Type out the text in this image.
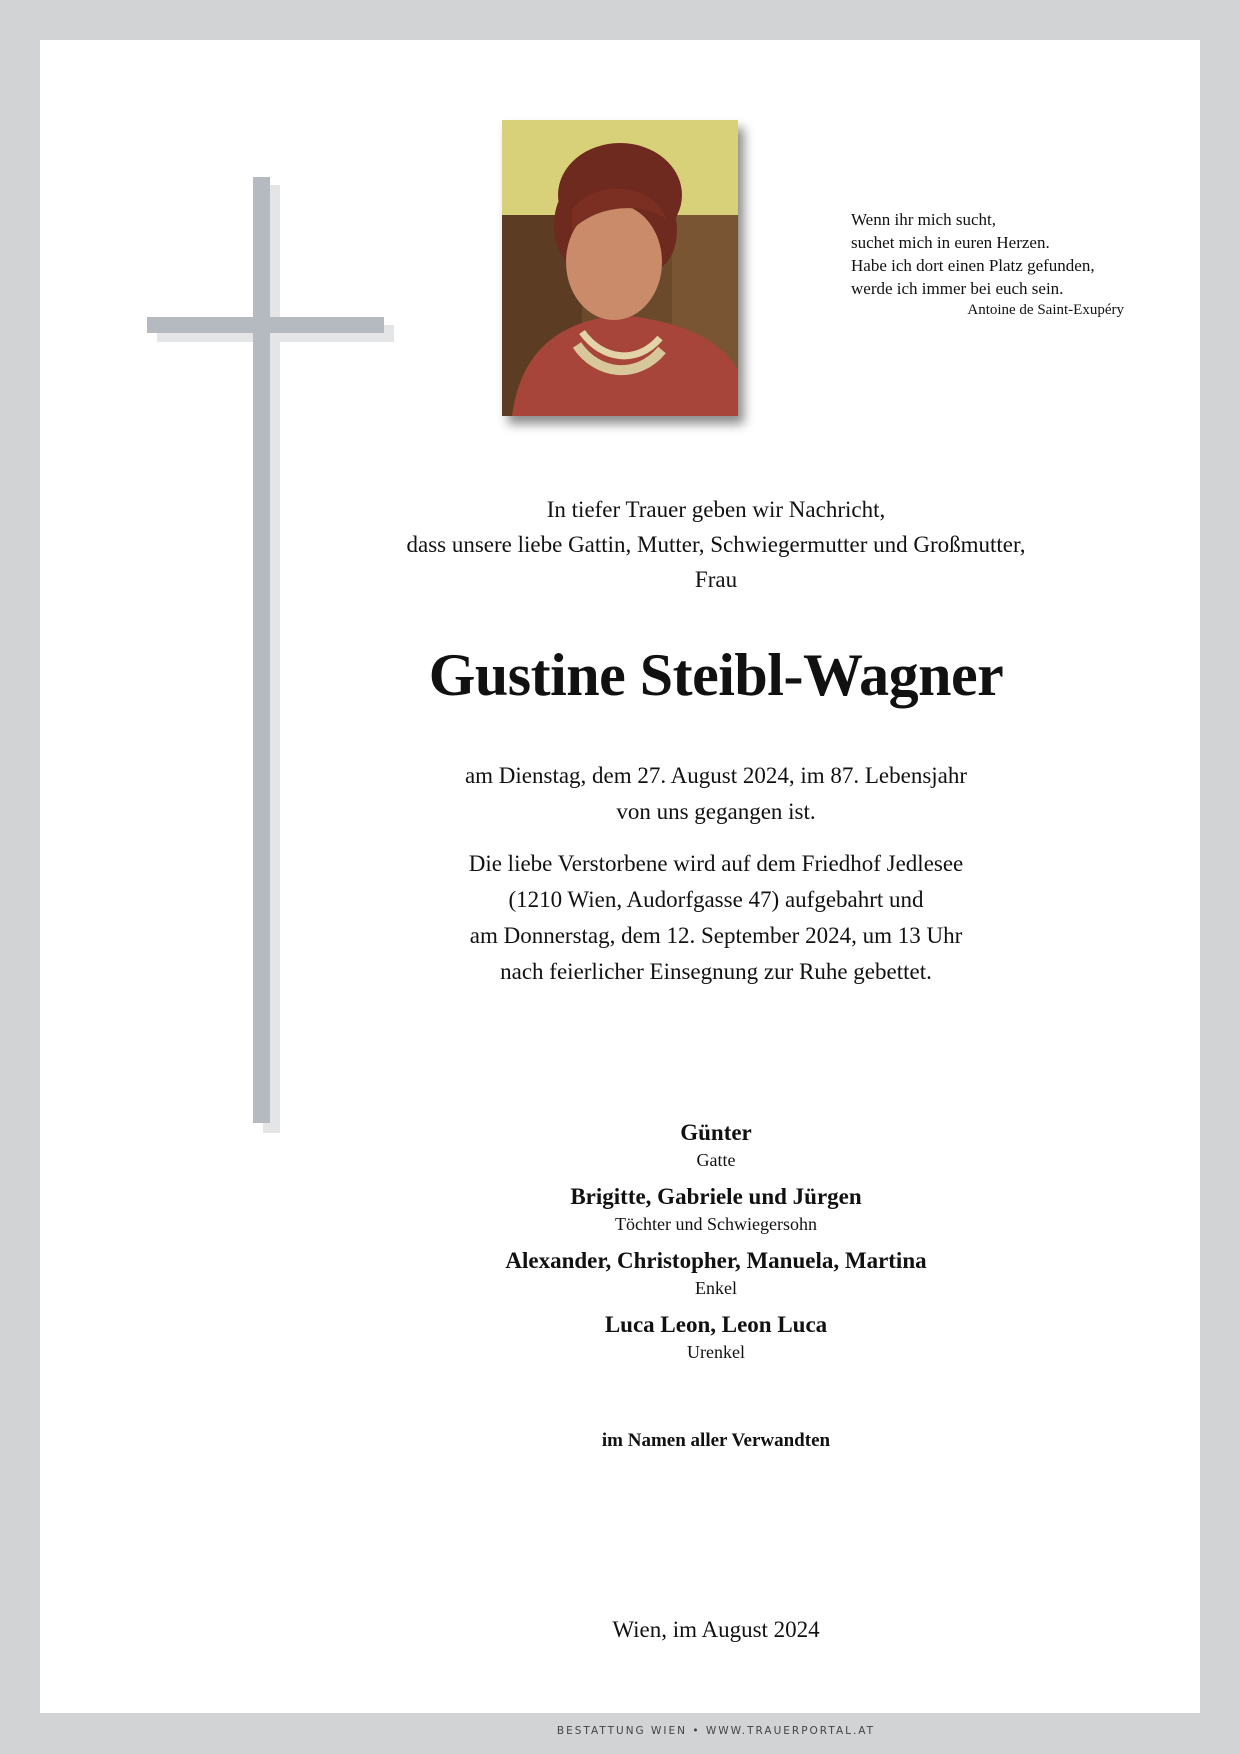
Wenn ihr mich sucht,
suchet mich in euren Herzen.
Habe ich dort einen Platz gefunden,
werde ich immer bei euch sein.
Antoine de Saint-Exupéry
In tiefer Trauer geben wir Nachricht,
dass unsere liebe Gattin, Mutter, Schwiegermutter und Großmutter,
Frau
Gustine Steibl-Wagner
am Dienstag, dem 27. August 2024, im 87. Lebensjahr
von uns gegangen ist.
Die liebe Verstorbene wird auf dem Friedhof Jedlesee
(1210 Wien, Audorfgasse 47) aufgebahrt und
am Donnerstag, dem 12. September 2024, um 13 Uhr
nach feierlicher Einsegnung zur Ruhe gebettet.
Günter
Gatte
Brigitte, Gabriele und Jürgen
Töchter und Schwiegersohn
Alexander, Christopher, Manuela, Martina
Enkel
Luca Leon, Leon Luca
Urenkel
im Namen aller Verwandten
Wien, im August 2024
BESTATTUNG WIEN • WWW.TRAUERPORTAL.AT
